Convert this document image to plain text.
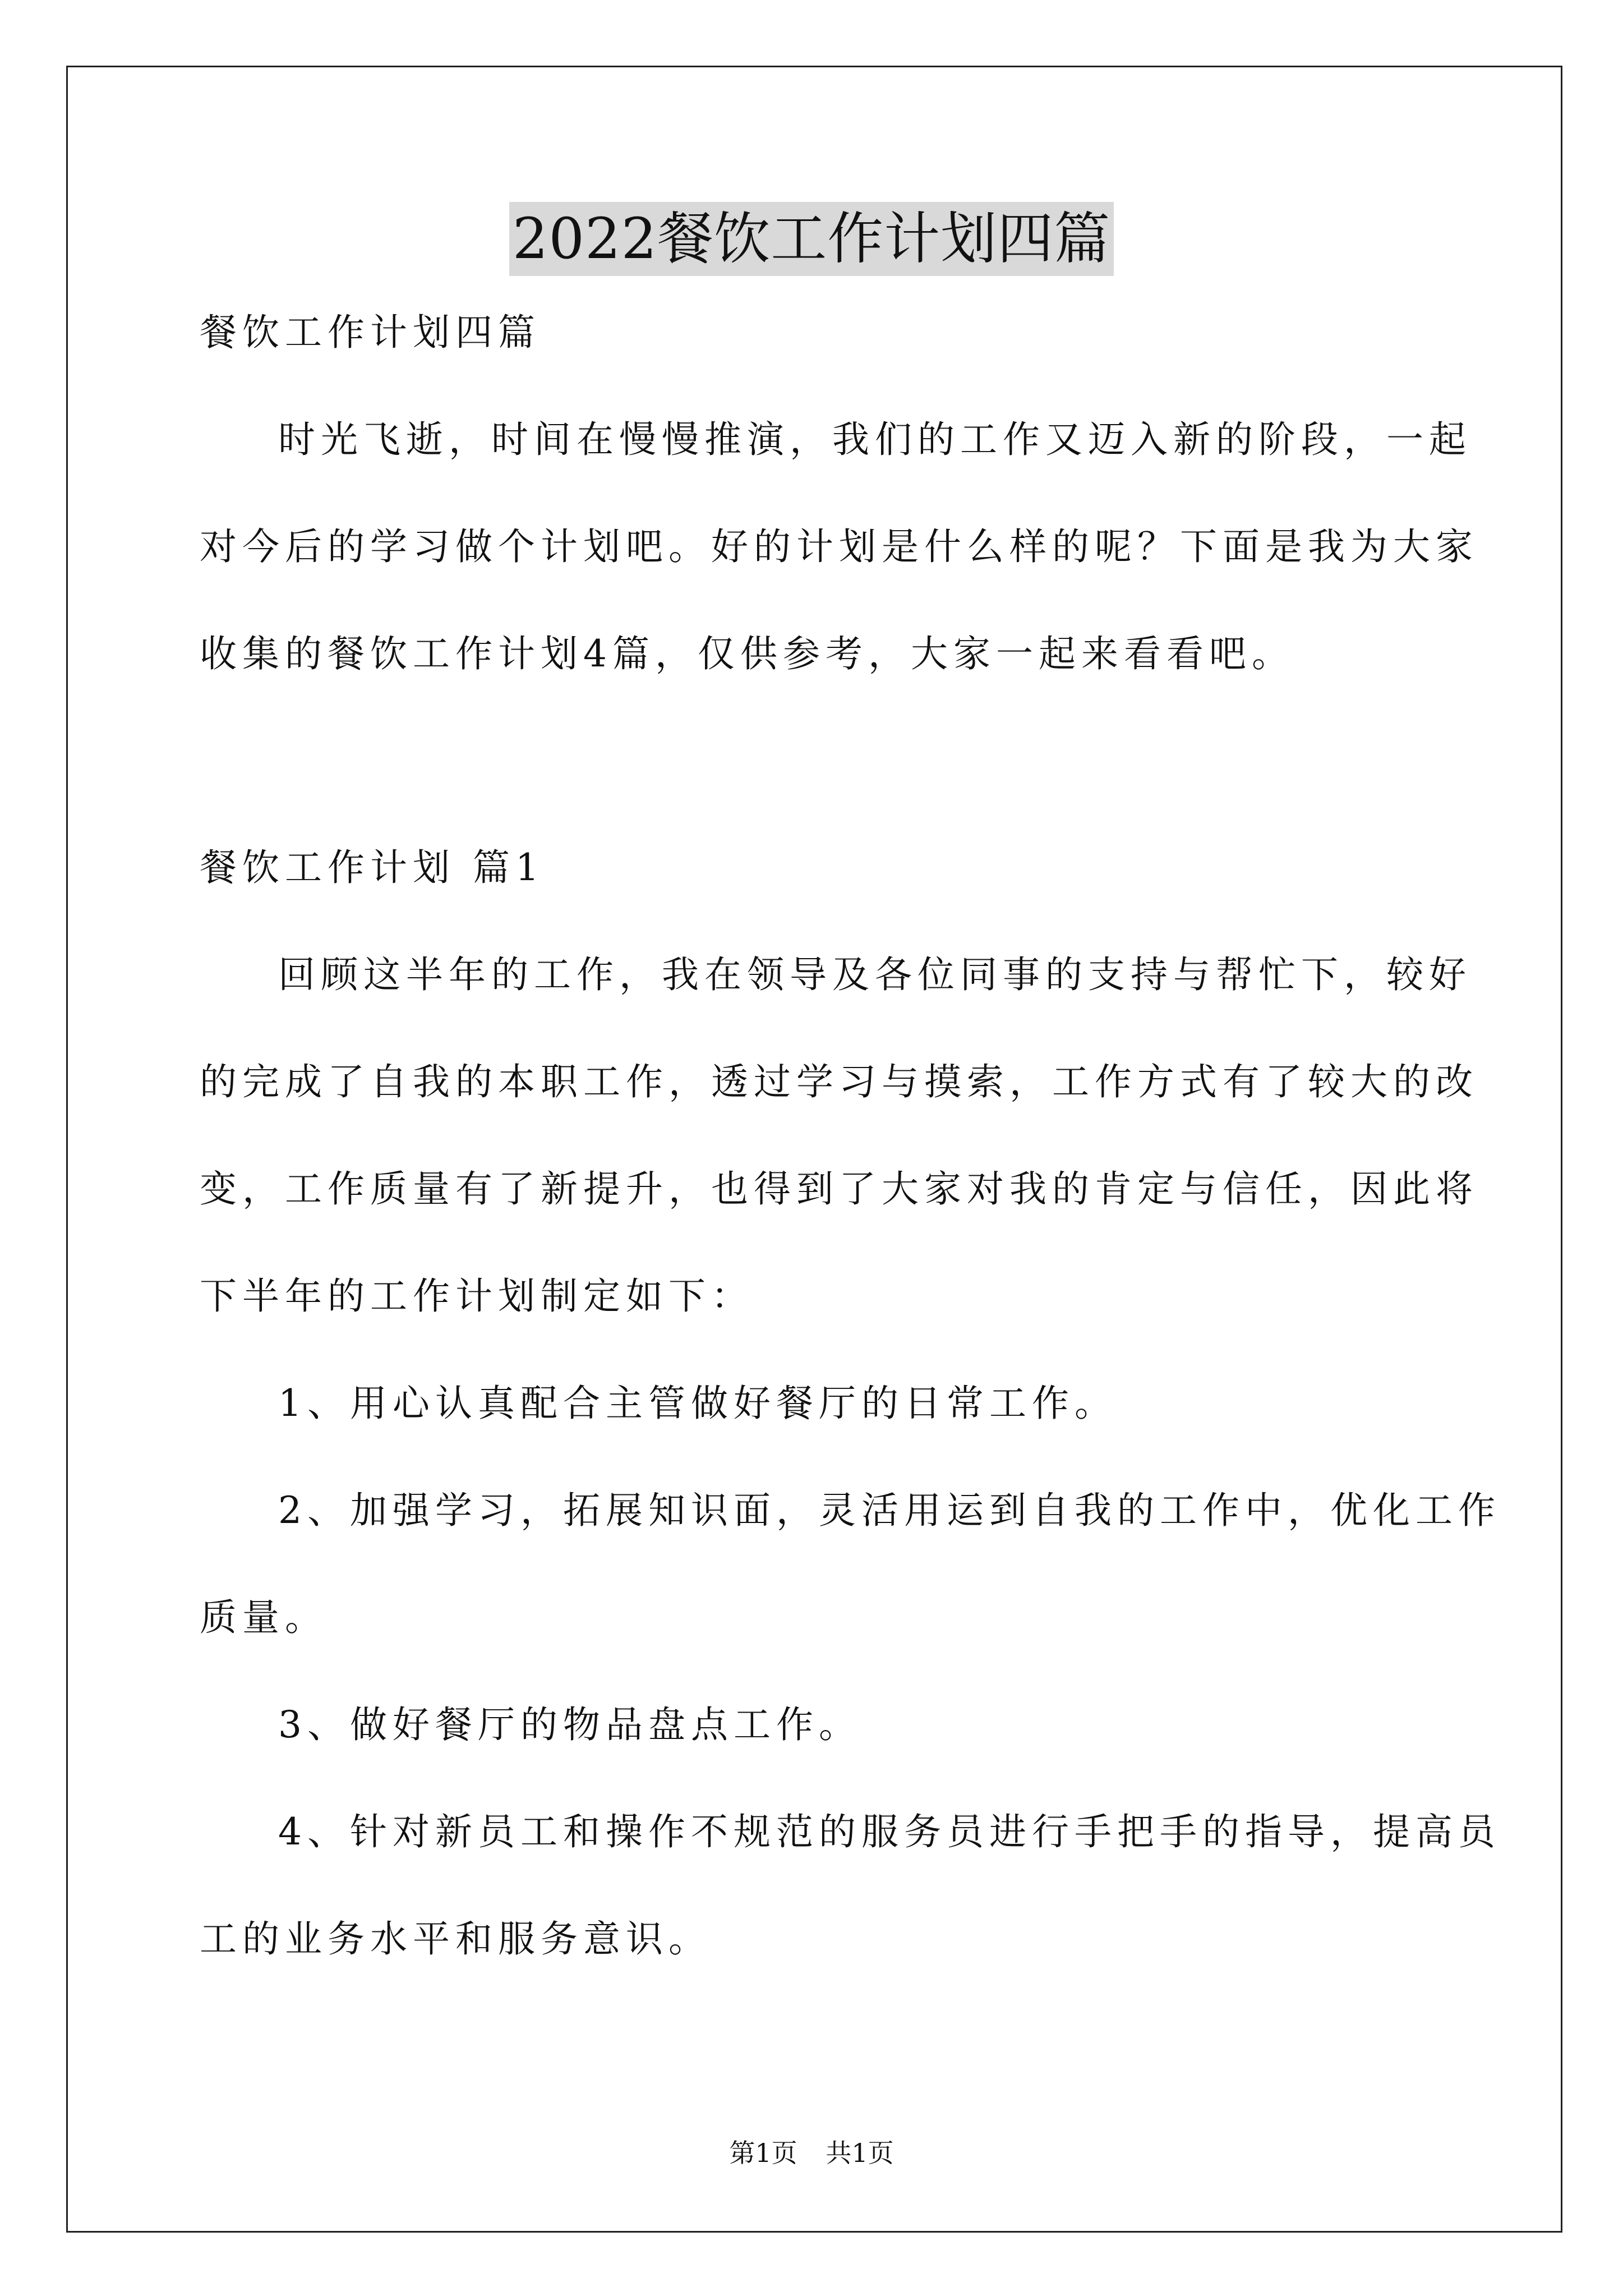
2022餐饮工作计划四篇
餐饮工作计划四篇
时光飞逝，时间在慢慢推演，我们的工作又迈入新的阶段，一起
对今后的学习做个计划吧。好的计划是什么样的呢？下面是我为大家
收集的餐饮工作计划4篇，仅供参考，大家一起来看看吧。
餐饮工作计划 篇1
回顾这半年的工作，我在领导及各位同事的支持与帮忙下，较好
的完成了自我的本职工作，透过学习与摸索，工作方式有了较大的改
变，工作质量有了新提升，也得到了大家对我的肯定与信任，因此将
下半年的工作计划制定如下：
1、用心认真配合主管做好餐厅的日常工作。
2、加强学习，拓展知识面，灵活用运到自我的工作中，优化工作
质量。
3、做好餐厅的物品盘点工作。
4、针对新员工和操作不规范的服务员进行手把手的指导，提高员
工的业务水平和服务意识。
第1页 共1页
